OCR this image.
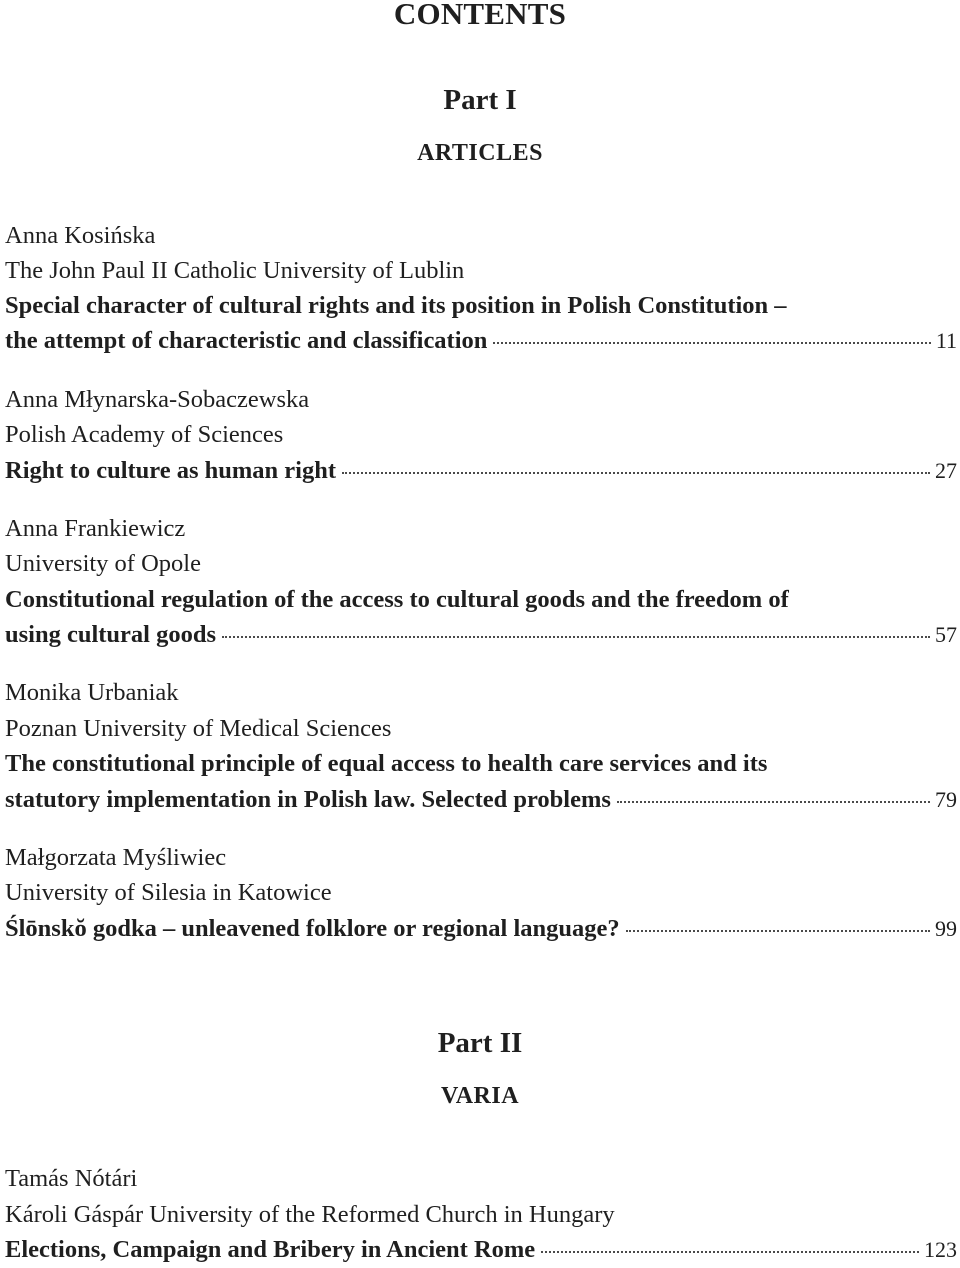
CONTENTS
Part I
ARTICLES
Anna Kosińska
The John Paul II Catholic University of Lublin
Special character of cultural rights and its position in Polish Constitution –
the attempt of characteristic and classification	11
Anna Młynarska-Sobaczewska
Polish Academy of Sciences
Right to culture as human right	27
Anna Frankiewicz
University of Opole
Constitutional regulation of the access to cultural goods and the freedom of
using cultural goods	57
Monika Urbaniak
Poznan University of Medical Sciences
The constitutional principle of equal access to health care services and its
statutory implementation in Polish law. Selected problems	79
Małgorzata Myśliwiec
University of Silesia in Katowice
Ślōnskŏ godka – unleavened folklore or regional language?	99
Part II
VARIA
Tamás Nótári
Károli Gáspár University of the Reformed Church in Hungary
Elections, Campaign and Bribery in Ancient Rome	123
